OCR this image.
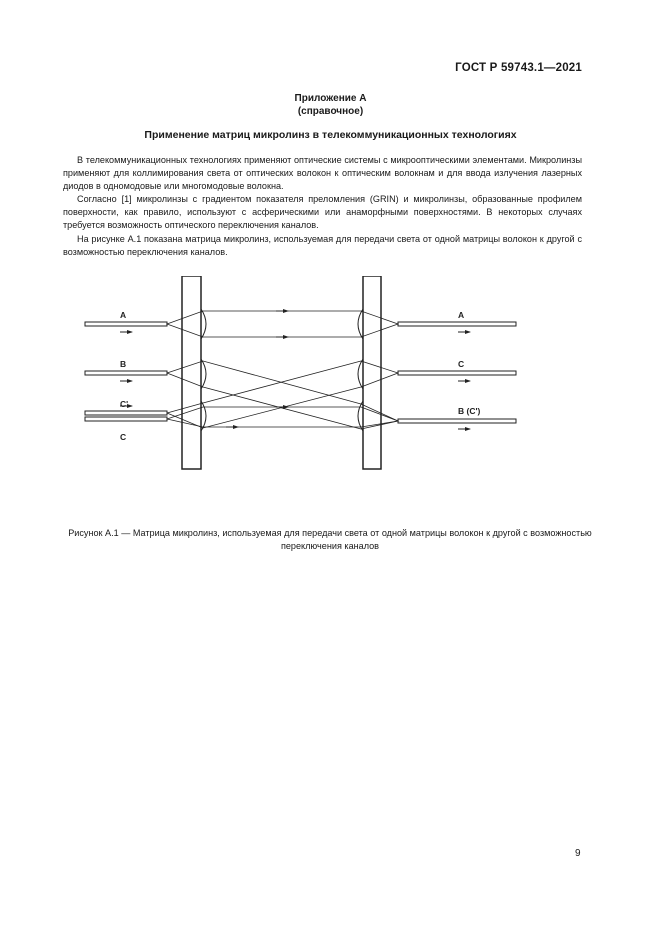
ГОСТ Р 59743.1—2021
Приложение А
(справочное)
Применение матриц микролинз в телекоммуникационных технологиях

В телекоммуникационных технологиях применяют оптические системы с микрооптическими элементами. Микролинзы применяют для коллимирования света от оптических волокон к оптическим волокнам и для ввода излучения лазерных диодов в одномодовые или многомодовые волокна.

Согласно [1] микролинзы с градиентом показателя преломления (GRIN) и микролинзы, образованные профилем поверхности, как правило, используют с асферическими или анаморфными поверхностями. В некоторых случаях требуется возможность оптического переключения каналов.

На рисунке А.1 показана матрица микролинз, используемая для передачи света от одной матрицы волокон к другой с возможностью переключения каналов.

A
B
C'
C
A
C
B (C')
Рисунок А.1 — Матрица микролинз, используемая для передачи света от одной матрицы волокон к другой с возможностью переключения каналов
9
